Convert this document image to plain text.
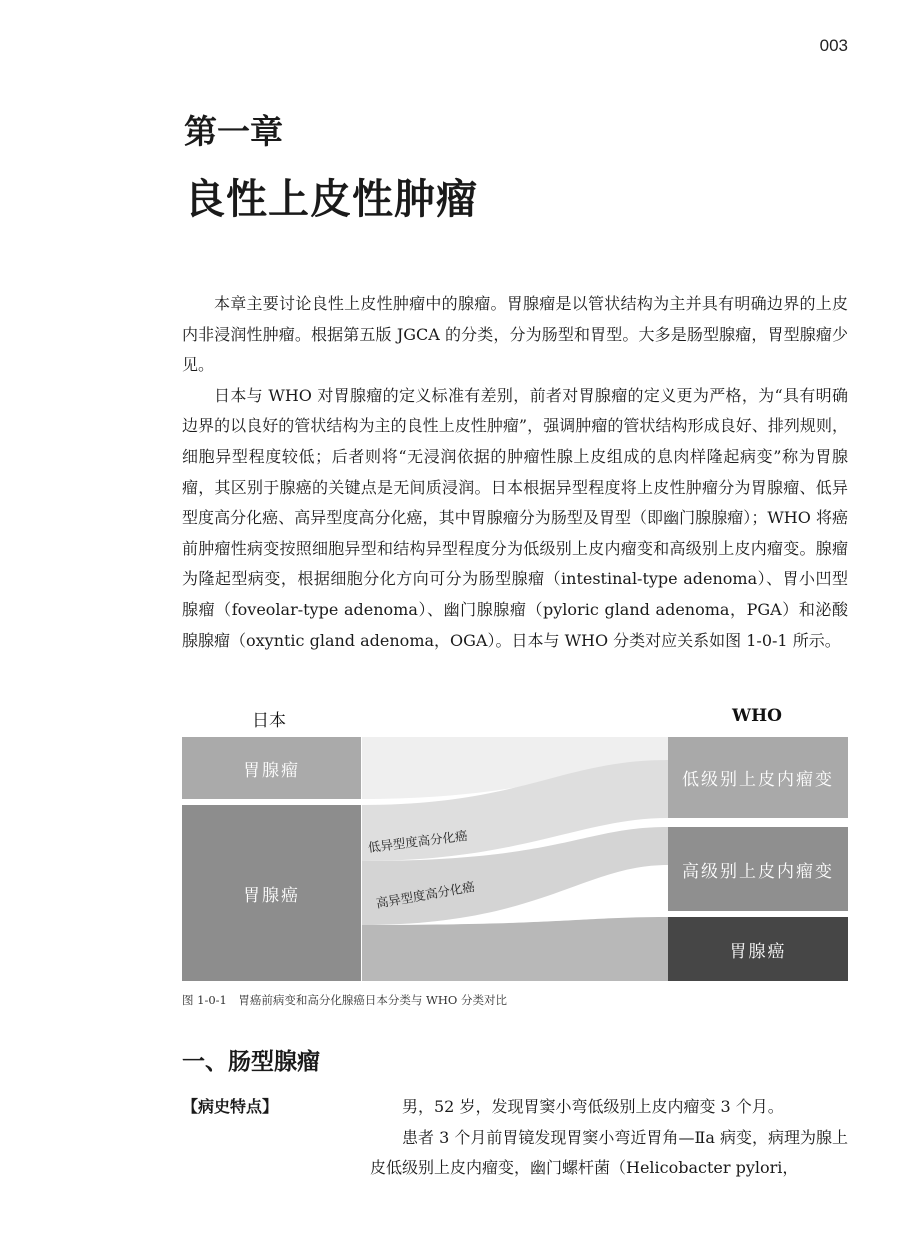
003
第一章
良性上皮性肿瘤

本章主要讨论良性上皮性肿瘤中的腺瘤。胃腺瘤是以管状结构为主并具有明确边界的上皮内非浸润性肿瘤。根据第五版 JGCA 的分类，分为肠型和胃型。大多是肠型腺瘤，胃型腺瘤少见。

日本与 WHO 对胃腺瘤的定义标准有差别，前者对胃腺瘤的定义更为严格，为“具有明确边界的以良好的管状结构为主的良性上皮性肿瘤”，强调肿瘤的管状结构形成良好、排列规则，细胞异型程度较低；后者则将“无浸润依据的肿瘤性腺上皮组成的息肉样隆起病变”称为胃腺瘤，其区别于腺癌的关键点是无间质浸润。日本根据异型程度将上皮性肿瘤分为胃腺瘤、低异型度高分化癌、高异型度高分化癌，其中胃腺瘤分为肠型及胃型（即幽门腺腺瘤）；WHO 将癌前肿瘤性病变按照细胞异型和结构异型程度分为低级别上皮内瘤变和高级别上皮内瘤变。腺瘤为隆起型病变，根据细胞分化方向可分为肠型腺瘤（intestinal-type adenoma）、胃小凹型腺瘤（foveolar-type adenoma）、幽门腺腺瘤（pyloric gland adenoma，PGA）和泌酸腺腺瘤（oxyntic gland adenoma，OGA）。日本与 WHO 分类对应关系如图 1-0-1 所示。

日本	WHO
胃腺瘤
胃腺癌
低级别上皮内瘤变
高级别上皮内瘤变
胃腺癌
低异型度高分化癌
高异型度高分化癌
图 1-0-1　胃癌前病变和高分化腺癌日本分类与 WHO 分类对比
一、肠型腺瘤
【病史特点】	男，52 岁，发现胃窦小弯低级别上皮内瘤变 3 个月。

患者 3 个月前胃镜发现胃窦小弯近胃角—Ⅱa 病变，病理为腺上皮低级别上皮内瘤变，幽门螺杆菌（Helicobacter pylori，
